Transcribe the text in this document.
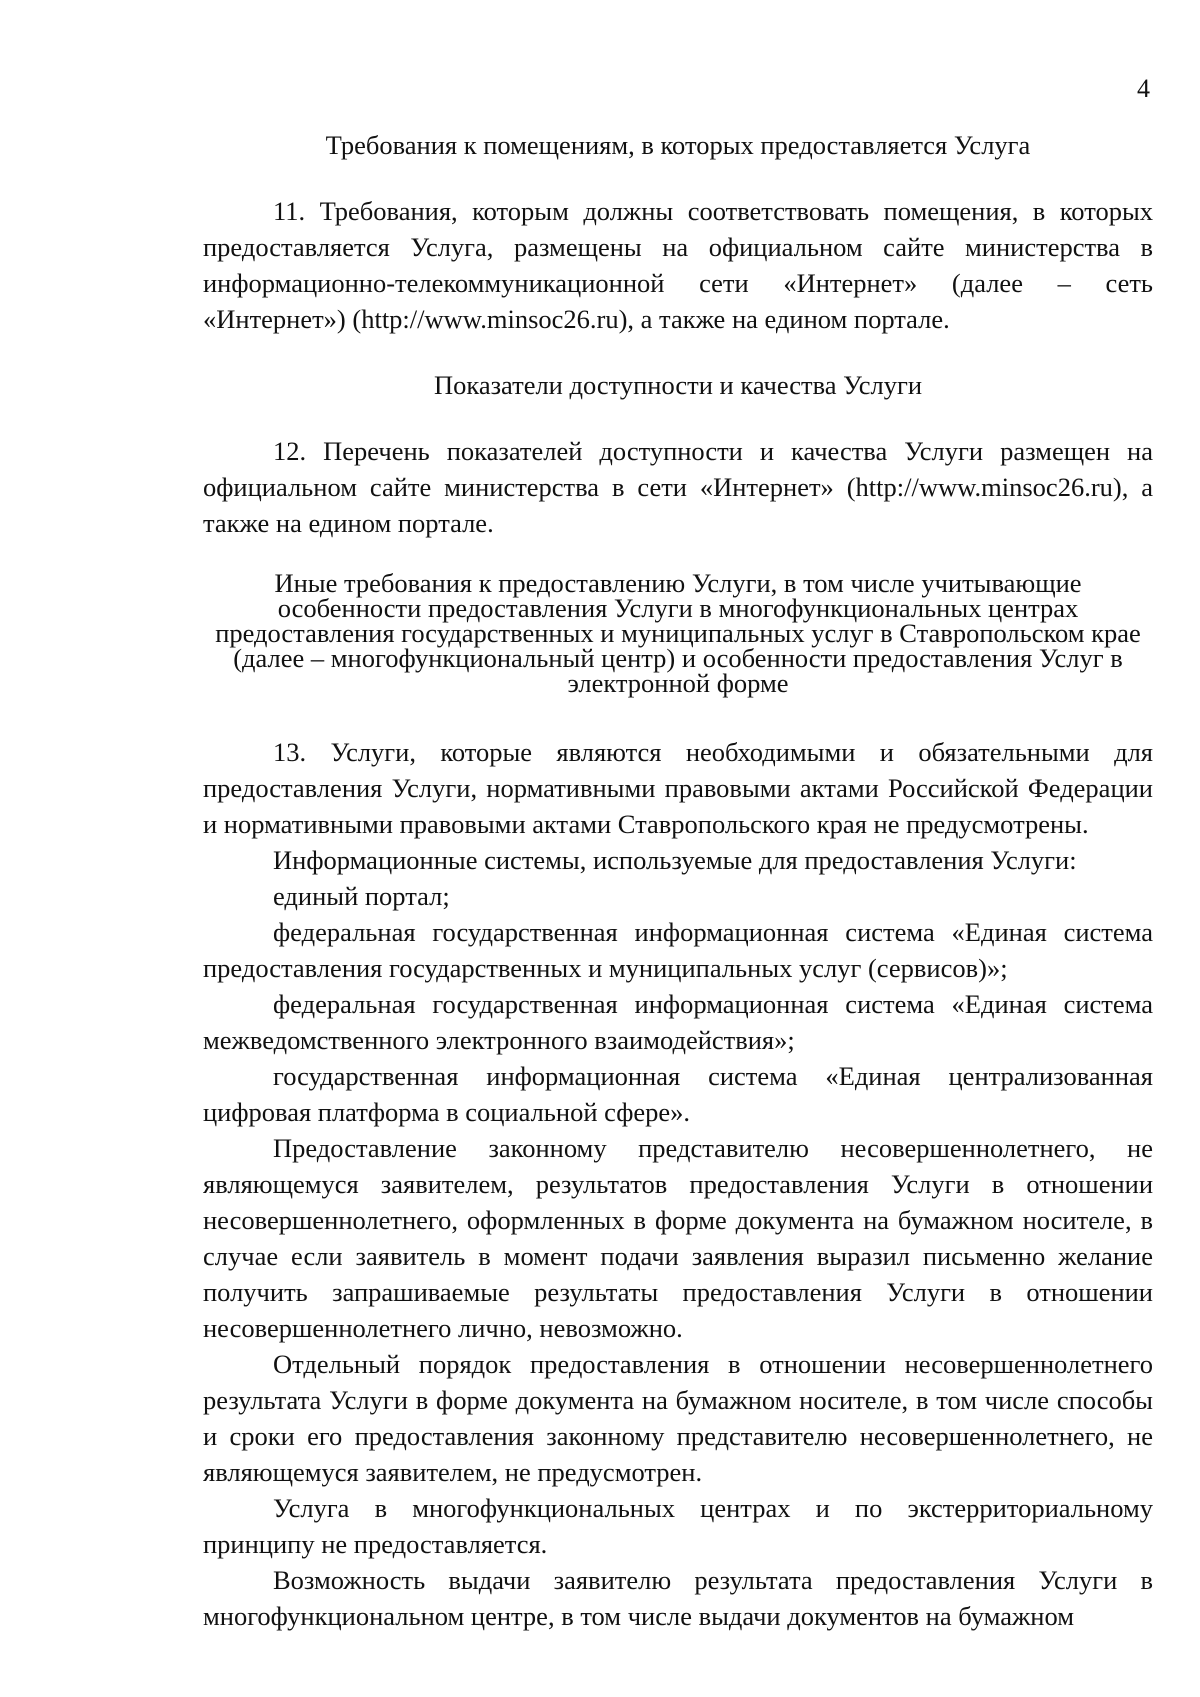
4
Требования к помещениям, в которых предоставляется Услуга

11. Требования, которым должны соответствовать помещения, в которых предоставляется Услуга, размещены на официальном сайте министерства в информационно-телекоммуникационной сети «Интернет» (далее – сеть «Интернет») (http://www.minsoc26.ru), а также на едином портале.

Показатели доступности и качества Услуги

12. Перечень показателей доступности и качества Услуги размещен на официальном сайте министерства в сети «Интернет» (http://www.minsoc26.ru), а также на едином портале.

Иные требования к предоставлению Услуги, в том числе учитывающие особенности предоставления Услуги в многофункциональных центрах предоставления государственных и муниципальных услуг в Ставропольском крае (далее – многофункциональный центр) и особенности предоставления Услуг в электронной форме

13. Услуги, которые являются необходимыми и обязательными для предоставления Услуги, нормативными правовыми актами Российской Федерации и нормативными правовыми актами Ставропольского края не предусмотрены.

Информационные системы, используемые для предоставления Услуги:

единый портал;

федеральная государственная информационная система «Единая система предоставления государственных и муниципальных услуг (сервисов)»;

федеральная государственная информационная система «Единая система межведомственного электронного взаимодействия»;

государственная информационная система «Единая централизованная цифровая платформа в социальной сфере».

Предоставление законному представителю несовершеннолетнего, не являющемуся заявителем, результатов предоставления Услуги в отношении несовершеннолетнего, оформленных в форме документа на бумажном носителе, в случае если заявитель в момент подачи заявления выразил письменно желание получить запрашиваемые результаты предоставления Услуги в отношении несовершеннолетнего лично, невозможно.

Отдельный порядок предоставления в отношении несовершеннолетнего результата Услуги в форме документа на бумажном носителе, в том числе способы и сроки его предоставления законному представителю несовершеннолетнего, не являющемуся заявителем, не предусмотрен.

Услуга в многофункциональных центрах и по экстерриториальному принципу не предоставляется.

Возможность выдачи заявителю результата предоставления Услуги в многофункциональном центре, в том числе выдачи документов на бумажном
